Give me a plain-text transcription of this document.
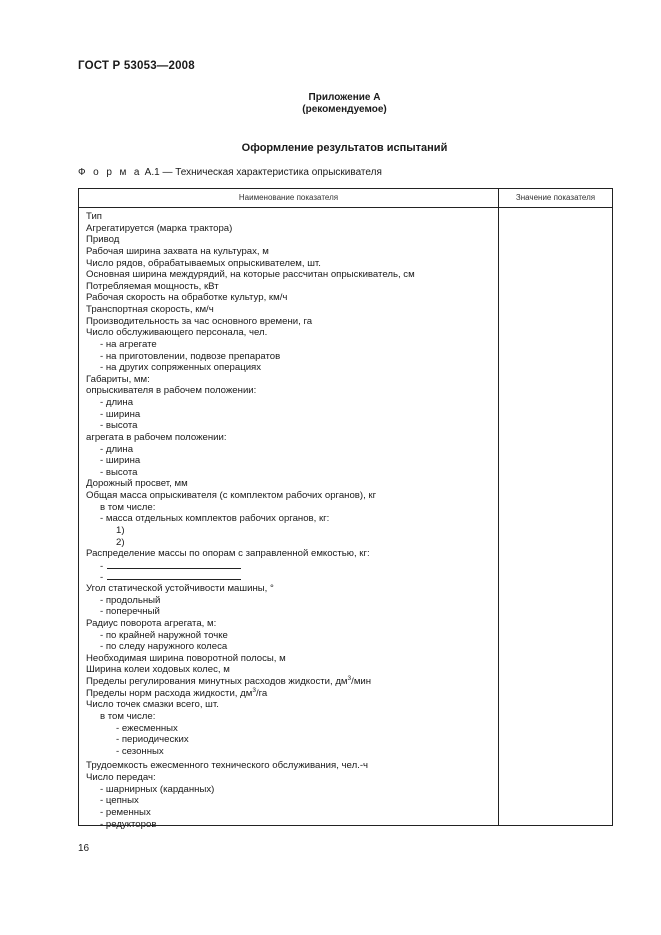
ГОСТ Р 53053—2008
Приложение А
(рекомендуемое)
Оформление результатов испытаний
Ф о р м а А.1 — Техническая характеристика опрыскивателя
Наименование показателя	Значение показателя
Тип
Агрегатируется (марка трактора)
Привод
Рабочая ширина захвата на культурах, м
Число рядов, обрабатываемых опрыскивателем, шт.
Основная ширина междурядий, на которые рассчитан опрыскиватель, см
Потребляемая мощность, кВт
Рабочая скорость на обработке культур, км/ч
Транспортная скорость, км/ч
Производительность за час основного времени, га
Число обслуживающего персонала, чел.
- на агрегате
- на приготовлении, подвозе препаратов
- на других сопряженных операциях
Габариты, мм:
опрыскивателя в рабочем положении:
- длина
- ширина
- высота
агрегата в рабочем положении:
- длина
- ширина
- высота
Дорожный просвет, мм
Общая масса опрыскивателя (с комплектом рабочих органов), кг
в том числе:
- масса отдельных комплектов рабочих органов, кг:
1)
2)
Распределение массы по опорам с заправленной емкостью, кг:
-
-
Угол статической устойчивости машины, °
- продольный
- поперечный
Радиус поворота агрегата, м:
- по крайней наружной точке
- по следу наружного колеса
Необходимая ширина поворотной полосы, м
Ширина колеи ходовых колес, м
Пределы регулирования минутных расходов жидкости, $дм^3$/мин
Пределы норм расхода жидкости, $дм^3/га$
Число точек смазки всего, шт.
в том числе:
- ежесменных
- периодических
- сезонных
Трудоемкость ежесменного технического обслуживания, чел.-ч
Число передач:
- шарнирных (карданных)
- цепных
- ременных
- редукторов
16
